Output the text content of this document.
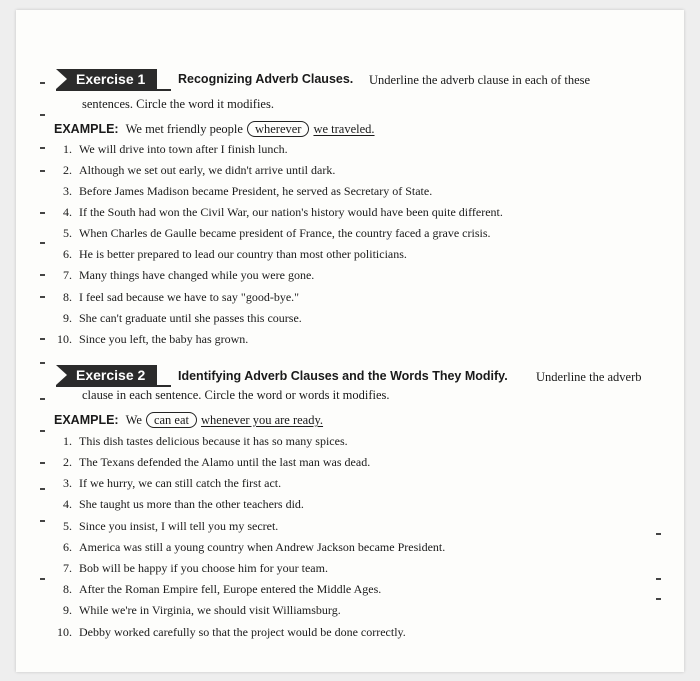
Exercise 1	Recognizing Adverb Clauses. Underline the adverb clause in each of these
sentences. Circle the word it modifies.
EXAMPLE: We met friendly people wherever we traveled.
1. We will drive into town after I finish lunch.
2. Although we set out early, we didn't arrive until dark.
3. Before James Madison became President, he served as Secretary of State.
4. If the South had won the Civil War, our nation's history would have been quite different.
5. When Charles de Gaulle became president of France, the country faced a grave crisis.
6. He is better prepared to lead our country than most other politicians.
7. Many things have changed while you were gone.
8. I feel sad because we have to say "good-bye."
9. She can't graduate until she passes this course.
10. Since you left, the baby has grown.
Exercise 2	Identifying Adverb Clauses and the Words They Modify. Underline the adverb
clause in each sentence. Circle the word or words it modifies.
EXAMPLE: We can eat whenever you are ready.
1. This dish tastes delicious because it has so many spices.
2. The Texans defended the Alamo until the last man was dead.
3. If we hurry, we can still catch the first act.
4. She taught us more than the other teachers did.
5. Since you insist, I will tell you my secret.
6. America was still a young country when Andrew Jackson became President.
7. Bob will be happy if you choose him for your team.
8. After the Roman Empire fell, Europe entered the Middle Ages.
9. While we're in Virginia, we should visit Williamsburg.
10. Debby worked carefully so that the project would be done correctly.
